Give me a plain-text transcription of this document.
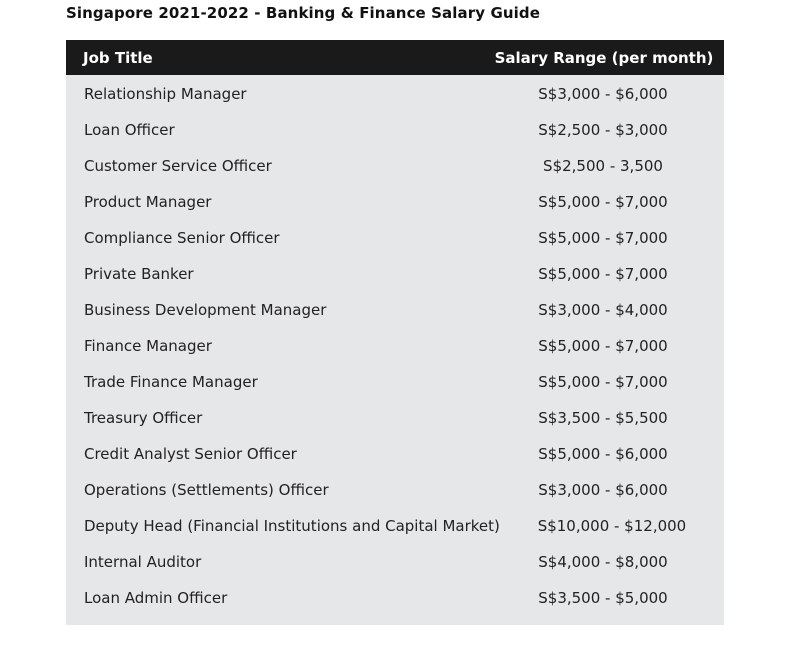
Singapore 2021-2022 - Banking & Finance Salary Guide
Job Title	Salary Range (per month)
Relationship Manager	S$3,000 - $6,000
Loan Officer	S$2,500 - $3,000
Customer Service Officer	S$2,500 - 3,500
Product Manager	S$5,000 - $7,000
Compliance Senior Officer	S$5,000 - $7,000
Private Banker	S$5,000 - $7,000
Business Development Manager	S$3,000 - $4,000
Finance Manager	S$5,000 - $7,000
Trade Finance Manager	S$5,000 - $7,000
Treasury Officer	S$3,500 - $5,500
Credit Analyst Senior Officer	S$5,000 - $6,000
Operations (Settlements) Officer	S$3,000 - $6,000
Deputy Head (Financial Institutions and Capital Market)	S$10,000 - $12,000
Internal Auditor	S$4,000 - $8,000
Loan Admin Officer	S$3,500 - $5,000
